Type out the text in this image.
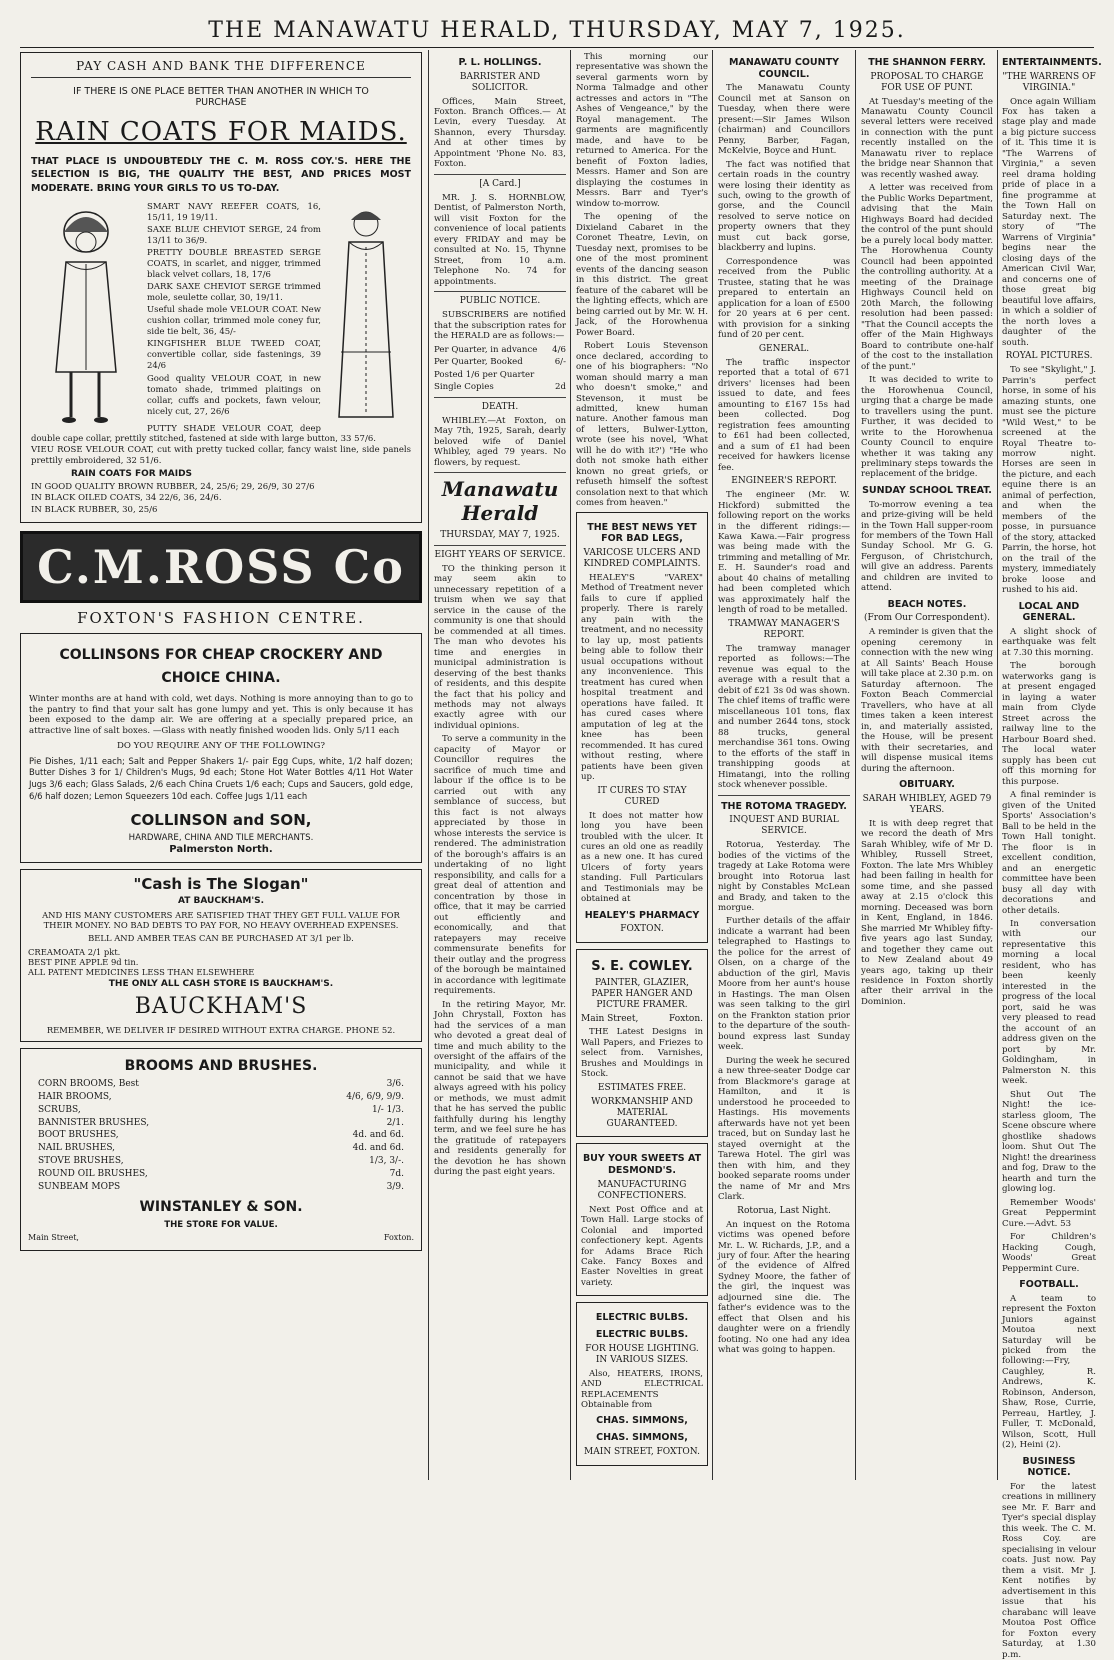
THE MANAWATU HERALD, THURSDAY, MAY 7, 1925.
PAY CASH AND BANK THE DIFFERENCE
IF THERE IS ONE PLACE BETTER THAN ANOTHER IN WHICH TO PURCHASE
RAIN COATS FOR MAIDS.
THAT PLACE IS UNDOUBTEDLY THE C. M. ROSS COY.'S. HERE THE SELECTION IS BIG, THE QUALITY THE BEST, AND PRICES MOST MODERATE. BRING YOUR GIRLS TO US TO-DAY.
SMART NAVY REEFER COATS, 16, 15/11, 19 19/11.
SAXE BLUE CHEVIOT SERGE, 24 from 13/11 to 36/9.
PRETTY DOUBLE BREASTED SERGE COATS, in scarlet, and nigger, trimmed black velvet collars, 18, 17/6
DARK SAXE CHEVIOT SERGE trimmed mole, seulette collar, 30, 19/11.
Useful shade mole VELOUR COAT. New cushion collar, trimmed mole coney fur, side tie belt, 36, 45/-
KINGFISHER BLUE TWEED COAT, convertible collar, side fastenings, 39 24/6
Good quality VELOUR COAT, in new tomato shade, trimmed plaitings on collar, cuffs and pockets, fawn velour, nicely cut, 27, 26/6
PUTTY SHADE VELOUR COAT, deep double cape collar, prettily stitched, fastened at side with large button, 33 57/6.
VIEU ROSE VELOUR COAT, cut with pretty tucked collar, fancy waist line, side panels prettily embroidered, 32 51/6.
RAIN COATS FOR MAIDS
IN GOOD QUALITY BROWN RUBBER, 24, 25/6; 29, 26/9, 30 27/6
IN BLACK OILED COATS, 34 22/6, 36, 24/6.
IN BLACK RUBBER, 30, 25/6
C.M.ROSS Co
FOXTON'S FASHION CENTRE.
COLLINSONS FOR CHEAP CROCKERY AND CHOICE CHINA.
Winter months are at hand with cold, wet days. Nothing is more annoying than to go to the pantry to find that your salt has gone lumpy and yet. This is only because it has been exposed to the damp air. We are offering at a specially prepared price, an attractive line of salt boxes. —Glass with neatly finished wooden lids. Only 5/11 each
DO YOU REQUIRE ANY OF THE FOLLOWING?
Pie Dishes, 1/11 each; Salt and Pepper Shakers 1/- pair Egg Cups, white, 1/2 half dozen; Butter Dishes 3 for 1/ Children's Mugs, 9d each; Stone Hot Water Bottles 4/11 Hot Water Jugs 3/6 each; Glass Salads, 2/6 each China Cruets 1/6 each; Cups and Saucers, gold edge, 6/6 half dozen; Lemon Squeezers 10d each. Coffee Jugs 1/11 each
COLLINSON and SON,
HARDWARE, CHINA AND TILE MERCHANTS.
Palmerston North.
"Cash is The Slogan"
AT BAUCKHAM'S.
AND HIS MANY CUSTOMERS ARE SATISFIED THAT THEY GET FULL VALUE FOR THEIR MONEY. NO BAD DEBTS TO PAY FOR, NO HEAVY OVERHEAD EXPENSES.
BELL AND AMBER TEAS CAN BE PURCHASED AT 3/1 per lb.
CREAMOATA 2/1 pkt.
BEST PINE APPLE 9d tin.
ALL PATENT MEDICINES LESS THAN ELSEWHERE
THE ONLY ALL CASH STORE IS BAUCKHAM'S.
BAUCKHAM'S
REMEMBER, WE DELIVER IF DESIRED WITHOUT EXTRA CHARGE. PHONE 52.
BROOMS AND BRUSHES.
CORN BROOMS, Best	3/6.
HAIR BROOMS,	4/6, 6/9, 9/9.
SCRUBS,	1/- 1/3.
BANNISTER BRUSHES,	2/1.
BOOT BRUSHES,	4d. and 6d.
NAIL BRUSHES,	4d. and 6d.
STOVE BRUSHES,	1/3, 3/-.
ROUND OIL BRUSHES,	7d.
SUNBEAM MOPS	3/9.
WINSTANLEY & SON.
THE STORE FOR VALUE.
Main Street,	Foxton.
P. L. HOLLINGS.
BARRISTER AND SOLICITOR.

Offices, Main Street, Foxton. Branch Offices.— At Levin, every Tuesday. At Shannon, every Thursday. And at other times by Appointment 'Phone No. 83, Foxton.

[A Card.]

MR. J. S. HORNBLOW, Dentist, of Palmerston North, will visit Foxton for the convenience of local patients every FRIDAY and may be consulted at No. 15, Thynne Street, from 10 a.m. Telephone No. 74 for appointments.

PUBLIC NOTICE.

SUBSCRIBERS are notified that the subscription rates for the HERALD are as follows:—

Per Quarter, in advance 4/6
Per Quarter, Booked	6/-
Posted 1/6 per Quarter
Single Copies	2d
DEATH.

WHIBLEY.—At Foxton, on May 7th, 1925, Sarah, dearly beloved wife of Daniel Whibley, aged 79 years. No flowers, by request.

Manawatu Herald
THURSDAY, MAY 7, 1925.
EIGHT YEARS OF SERVICE.

TO the thinking person it may seem akin to unnecessary repetition of a truism when we say that service in the cause of the community is one that should be commended at all times. The man who devotes his time and energies in municipal administration is deserving of the best thanks of residents, and this despite the fact that his policy and methods may not always exactly agree with our individual opinions.

To serve a community in the capacity of Mayor or Councillor requires the sacrifice of much time and labour if the office is to be carried out with any semblance of success, but this fact is not always appreciated by those in whose interests the service is rendered. The administration of the borough's affairs is an undertaking of no light responsibility, and calls for a great deal of attention and concentration by those in office, that it may be carried out efficiently and economically, and that ratepayers may receive commensurate benefits for their outlay and the progress of the borough be maintained in accordance with legitimate requirements.

In the retiring Mayor, Mr. John Chrystall, Foxton has had the services of a man who devoted a great deal of time and much ability to the oversight of the affairs of the municipality, and while it cannot be said that we have always agreed with his policy or methods, we must admit that he has served the public faithfully during his lengthy term, and we feel sure he has the gratitude of ratepayers and residents generally for the devotion he has shown during the past eight years.

This morning our representative was shown the several garments worn by Norma Talmadge and other actresses and actors in "The Ashes of Vengeance," by the Royal management. The garments are magnificently made, and have to be returned to America. For the benefit of Foxton ladies, Messrs. Hamer and Son are displaying the costumes in Messrs. Barr and Tyer's window to-morrow.

The opening of the Dixieland Cabaret in the Coronet Theatre, Levin, on Tuesday next, promises to be one of the most prominent events of the dancing season in this district. The great feature of the cabaret will be the lighting effects, which are being carried out by Mr. W. H. Jack, of the Horowhenua Power Board.

Robert Louis Stevenson once declared, according to one of his biographers: "No woman should marry a man who doesn't smoke," and Stevenson, it must be admitted, knew human nature. Another famous man of letters, Bulwer-Lytton, wrote (see his novel, 'What will he do with it?') "He who doth not smoke hath either known no great griefs, or refuseth himself the softest consolation next to that which comes from heaven."

THE BEST NEWS YET FOR BAD LEGS,
VARICOSE ULCERS AND KINDRED COMPLAINTS.

HEALEY'S "VAREX" Method of Treatment never fails to cure if applied properly. There is rarely any pain with the treatment, and no necessity to lay up, most patients being able to follow their usual occupations without any inconvenience. This treatment has cured when hospital treatment and operations have failed. It has cured cases where amputation of leg at the knee has been recommended. It has cured without resting, where patients have been given up.

IT CURES TO STAY CURED

It does not matter how long you have been troubled with the ulcer. It cures an old one as readily as a new one. It has cured Ulcers of forty years standing. Full Particulars and Testimonials may be obtained at

HEALEY'S PHARMACY
FOXTON.
S. E. COWLEY.
PAINTER, GLAZIER, PAPER HANGER AND PICTURE FRAMER.
Main Street,	Foxton.

THE Latest Designs in Wall Papers, and Friezes to select from. Varnishes, Brushes and Mouldings in Stock.

ESTIMATES FREE.
WORKMANSHIP AND MATERIAL GUARANTEED.
BUY YOUR SWEETS AT DESMOND'S.
MANUFACTURING CONFECTIONERS.

Next Post Office and at Town Hall. Large stocks of Colonial and imported confectionery kept. Agents for Adams Brace Rich Cake. Fancy Boxes and Easter Novelties in great variety.

ELECTRIC BULBS.
ELECTRIC BULBS.
FOR HOUSE LIGHTING. IN VARIOUS SIZES.

Also, HEATERS, IRONS, AND ELECTRICAL REPLACEMENTS Obtainable from

CHAS. SIMMONS,
CHAS. SIMMONS,
MAIN STREET, FOXTON.
MANAWATU COUNTY COUNCIL.

The Manawatu County Council met at Sanson on Tuesday, when there were present:—Sir James Wilson (chairman) and Councillors Penny, Barber, Fagan, McKelvie, Boyce and Hunt.

The fact was notified that certain roads in the country were losing their identity as such, owing to the growth of gorse, and the Council resolved to serve notice on property owners that they must cut back gorse, blackberry and lupins.

Correspondence was received from the Public Trustee, stating that he was prepared to entertain an application for a loan of £500 for 20 years at 6 per cent. with provision for a sinking fund of 20 per cent.

GENERAL.

The traffic inspector reported that a total of 671 drivers' licenses had been issued to date, and fees amounting to £167 15s had been collected. Dog registration fees amounting to £61 had been collected, and a sum of £1 had been received for hawkers license fee.

ENGINEER'S REPORT.

The engineer (Mr. W. Hickford) submitted the following report on the works in the different ridings:— Kawa Kawa.—Fair progress was being made with the trimming and metalling of Mr. E. H. Saunder's road and about 40 chains of metalling had been completed which was approximately half the length of road to be metalled.

TRAMWAY MANAGER'S REPORT.

The tramway manager reported as follows:—The revenue was equal to the average with a result that a debit of £21 3s 0d was shown. The chief items of traffic were miscellaneous 101 tons, flax and number 2644 tons, stock 88 trucks, general merchandise 361 tons. Owing to the efforts of the staff in transhipping goods at Himatangi, into the rolling stock whenever possible.

THE ROTOMA TRAGEDY.
INQUEST AND BURIAL SERVICE.

Rotorua, Yesterday. The bodies of the victims of the tragedy at Lake Rotoma were brought into Rotorua last night by Constables McLean and Brady, and taken to the morgue.

Further details of the affair indicate a warrant had been telegraphed to Hastings to the police for the arrest of Olsen, on a charge of the abduction of the girl, Mavis Moore from her aunt's house in Hastings. The man Olsen was seen talking to the girl on the Frankton station prior to the departure of the south-bound express last Sunday week.

During the week he secured a new three-seater Dodge car from Blackmore's garage at Hamilton, and it is understood he proceeded to Hastings. His movements afterwards have not yet been traced, but on Sunday last he stayed overnight at the Tarewa Hotel. The girl was then with him, and they booked separate rooms under the name of Mr and Mrs Clark.

Rotorua, Last Night.

An inquest on the Rotoma victims was opened before Mr. L. W. Richards, J.P., and a jury of four. After the hearing of the evidence of Alfred Sydney Moore, the father of the girl, the inquest was adjourned sine die. The father's evidence was to the effect that Olsen and his daughter were on a friendly footing. No one had any idea what was going to happen.

THE SHANNON FERRY.
PROPOSAL TO CHARGE FOR USE OF PUNT.

At Tuesday's meeting of the Manawatu County Council several letters were received in connection with the punt recently installed on the Manawatu river to replace the bridge near Shannon that was recently washed away.

A letter was received from the Public Works Department, advising that the Main Highways Board had decided the control of the punt should be a purely local body matter. The Horowhenua County Council had been appointed the controlling authority. At a meeting of the Drainage Highways Council held on 20th March, the following resolution had been passed: "That the Council accepts the offer of the Main Highways Board to contribute one-half of the cost to the installation of the punt."

It was decided to write to the Horowhenua Council, urging that a charge be made to travellers using the punt. Further, it was decided to write to the Horowhenua County Council to enquire whether it was taking any preliminary steps towards the replacement of the bridge.

SUNDAY SCHOOL TREAT.

To-morrow evening a tea and prize-giving will be held in the Town Hall supper-room for members of the Town Hall Sunday School. Mr G. G. Ferguson, of Christchurch, will give an address. Parents and children are invited to attend.

BEACH NOTES.
(From Our Correspondent).

A reminder is given that the opening ceremony in connection with the new wing at All Saints' Beach House will take place at 2.30 p.m. on Saturday afternoon. The Foxton Beach Commercial Travellers, who have at all times taken a keen interest in, and materially assisted, the House, will be present with their secretaries, and will dispense musical items during the afternoon.

OBITUARY.
SARAH WHIBLEY, AGED 79 YEARS.

It is with deep regret that we record the death of Mrs Sarah Whibley, wife of Mr D. Whibley, Russell Street, Foxton. The late Mrs Whibley had been failing in health for some time, and she passed away at 2.15 o'clock this morning. Deceased was born in Kent, England, in 1846. She married Mr Whibley fifty-five years ago last Sunday, and together they came out to New Zealand about 49 years ago, taking up their residence in Foxton shortly after their arrival in the Dominion.

ENTERTAINMENTS.
"THE WARRENS OF VIRGINIA."

Once again William Fox has taken a stage play and made a big picture success of it. This time it is "The Warrens of Virginia," a seven reel drama holding pride of place in a fine programme at the Town Hall on Saturday next. The story of "The Warrens of Virginia" begins near the closing days of the American Civil War, and concerns one of those great big beautiful love affairs, in which a soldier of the north loves a daughter of the south.

ROYAL PICTURES.

To see "Skylight," J. Parrin's perfect horse, in some of his amazing stunts, one must see the picture "Wild West," to be screened at the Royal Theatre to-morrow night. Horses are seen in the picture, and each equine there is an animal of perfection, and when the members of the posse, in pursuance of the story, attacked Parrin, the horse, hot on the trail of the mystery, immediately broke loose and rushed to his aid.

LOCAL AND GENERAL.

A slight shock of earthquake was felt at 7.30 this morning.

The borough waterworks gang is at present engaged in laying a water main from Clyde Street across the railway line to the Harbour Board shed. The local water supply has been cut off this morning for this purpose.

A final reminder is given of the United Sports' Association's Ball to be held in the Town Hall tonight. The floor is in excellent condition, and an energetic committee have been busy all day with decorations and other details.

In conversation with our representative this morning a local resident, who has been keenly interested in the progress of the local port, said he was very pleased to read the account of an address given on the port by Mr. Goldingham, in Palmerston N. this week.

Shut Out The Night! the ice-starless gloom, The Scene obscure where ghostlike shadows loom. Shut Out The Night! the dreariness and fog, Draw to the hearth and turn the glowing log.

Remember Woods' Great Peppermint Cure.—Advt. 53

For Children's Hacking Cough, Woods' Great Peppermint Cure.

FOOTBALL.

A team to represent the Foxton Juniors against Moutoa next Saturday will be picked from the following:—Fry, Caughley, R. Andrews, K. Robinson, Anderson, Shaw, Rose, Currie, Perreau, Hartley, J. Fuller, T. McDonald, Wilson, Scott, Hull (2), Heini (2).

BUSINESS NOTICE.

For the latest creations in millinery see Mr. F. Barr and Tyer's special display this week. The C. M. Ross Coy. are specialising in velour coats. Just now. Pay them a visit. Mr J. Kent notifies by advertisement in this issue that his charabanc will leave Moutoa Post Office for Foxton every Saturday, at 1.30 p.m.
